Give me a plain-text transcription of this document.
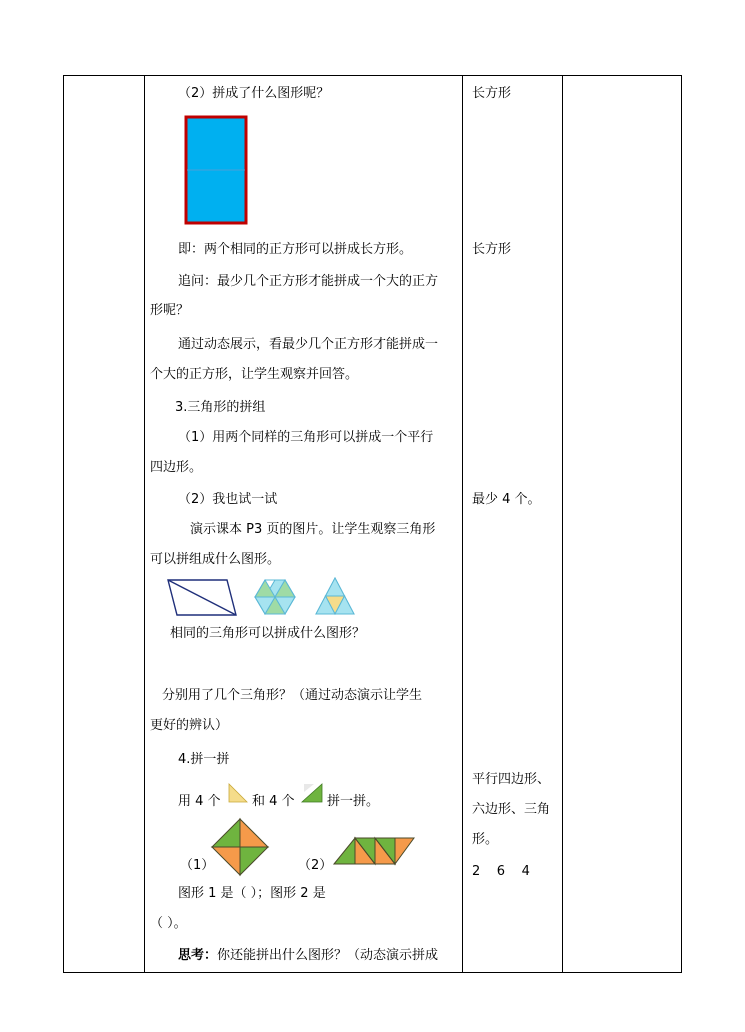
（2）拼成了什么图形呢？
即：两个相同的正方形可以拼成长方形。
追问：最少几个正方形才能拼成一个大的正方
形呢？
通过动态展示，看最少几个正方形才能拼成一
个大的正方形，让学生观察并回答。
3.三角形的拼组
（1）用两个同样的三角形可以拼成一个平行
四边形。
（2）我也试一试
演示课本 P3 页的图片。让学生观察三角形
可以拼组成什么图形。
相同的三角形可以拼成什么图形？
分别用了几个三角形？（通过动态演示让学生
更好的辨认）
4.拼一拼
用 4 个 和 4 个 拼一拼。
（1）	（2）
图形 1 是（ ）；图形 2 是
（ ）。
思考：你还能拼出什么图形？（动态演示拼成
长方形
长方形
最少 4 个。
平行四边形、
六边形、三角
形。
2    6    4
